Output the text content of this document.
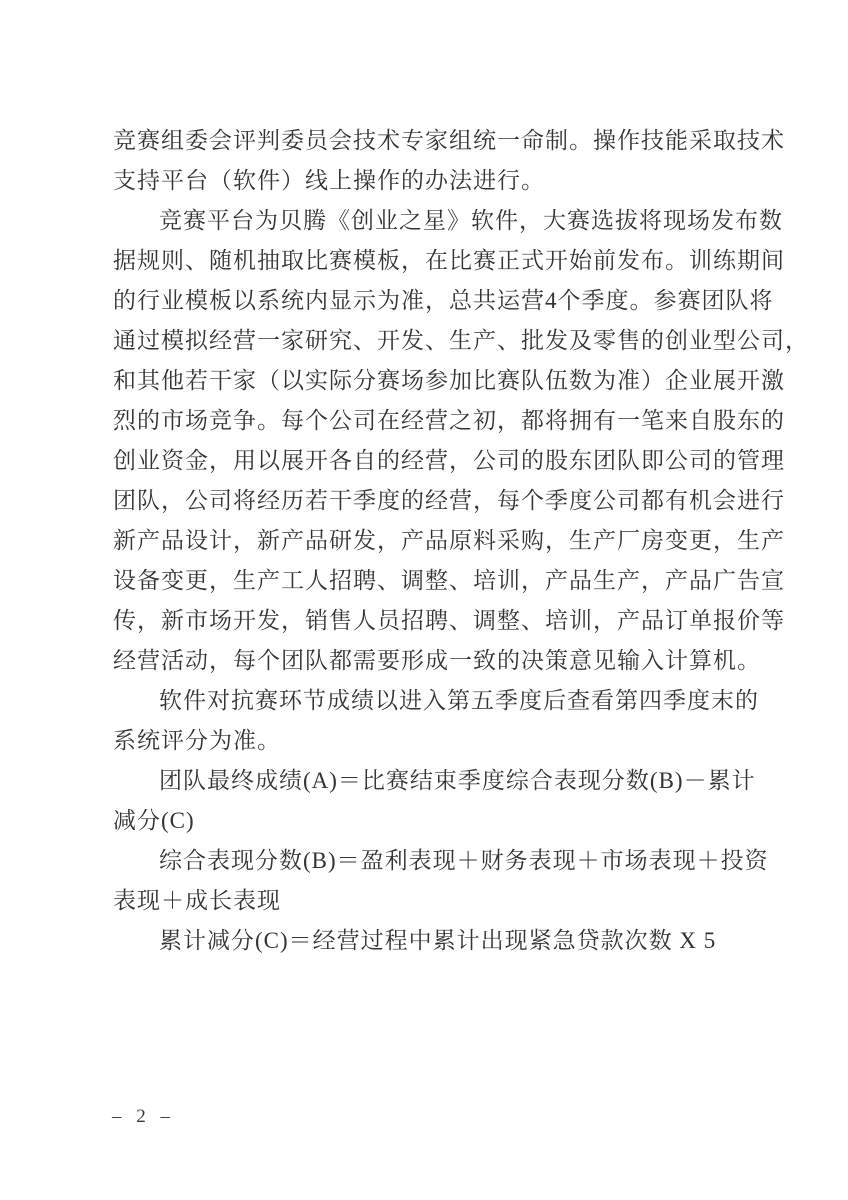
竞赛组委会评判委员会技术专家组统一命制。操作技能采取技术
支持平台（软件）线上操作的办法进行。
竞赛平台为贝腾《创业之星》软件，大赛选拔将现场发布数
据规则、随机抽取比赛模板，在比赛正式开始前发布。训练期间
的行业模板以系统内显示为准，总共运营4个季度。参赛团队将
通过模拟经营一家研究、开发、生产、批发及零售的创业型公司，
和其他若干家（以实际分赛场参加比赛队伍数为准）企业展开激
烈的市场竞争。每个公司在经营之初，都将拥有一笔来自股东的
创业资金，用以展开各自的经营，公司的股东团队即公司的管理
团队，公司将经历若干季度的经营，每个季度公司都有机会进行
新产品设计，新产品研发，产品原料采购，生产厂房变更，生产
设备变更，生产工人招聘、调整、培训，产品生产，产品广告宣
传，新市场开发，销售人员招聘、调整、培训，产品订单报价等
经营活动，每个团队都需要形成一致的决策意见输入计算机。
软件对抗赛环节成绩以进入第五季度后查看第四季度末的
系统评分为准。
团队最终成绩(A)＝比赛结束季度综合表现分数(B)－累计
减分(C)
综合表现分数(B)＝盈利表现＋财务表现＋市场表现＋投资
表现＋成长表现
累计减分(C)＝经营过程中累计出现紧急贷款次数 X 5
– 2 –
